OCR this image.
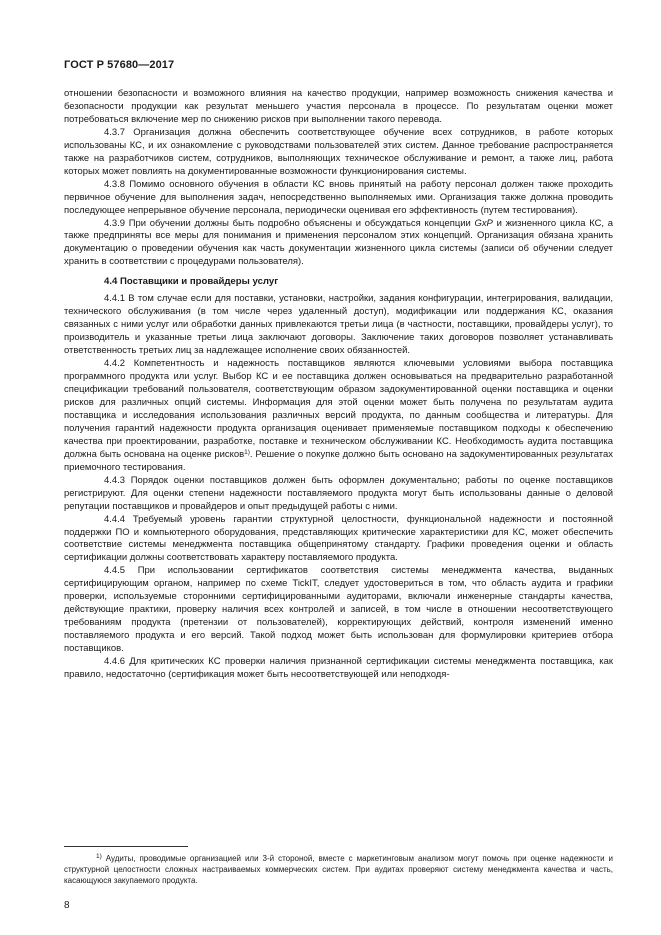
ГОСТ Р 57680—2017

отношении безопасности и возможного влияния на качество продукции, например возможность снижения качества и безопасности продукции как результат меньшего участия персонала в процессе. По результатам оценки может потребоваться включение мер по снижению рисков при выполнении такого перевода.

4.3.7 Организация должна обеспечить соответствующее обучение всех сотрудников, в работе которых использованы КС, и их ознакомление с руководствами пользователей этих систем. Данное требование распространяется также на разработчиков систем, сотрудников, выполняющих техническое обслуживание и ремонт, а также лиц, работа которых может повлиять на документированные возможности функционирования системы.

4.3.8 Помимо основного обучения в области КС вновь принятый на работу персонал должен также проходить первичное обучение для выполнения задач, непосредственно выполняемых ими. Организация также должна проводить последующее непрерывное обучение персонала, периодически оценивая его эффективность (путем тестирования).

4.3.9 При обучении должны быть подробно объяснены и обсуждаться концепции GxP и жизненного цикла КС, а также предприняты все меры для понимания и применения персоналом этих концепций. Организация обязана хранить документацию о проведении обучения как часть документации жизненного цикла системы (записи об обучении следует хранить в соответствии с процедурами пользователя).

4.4 Поставщики и провайдеры услуг

4.4.1 В том случае если для поставки, установки, настройки, задания конфигурации, интегрирования, валидации, технического обслуживания (в том числе через удаленный доступ), модификации или поддержания КС, оказания связанных с ними услуг или обработки данных привлекаются третьи лица (в частности, поставщики, провайдеры услуг), то производитель и указанные третьи лица заключают договоры. Заключение таких договоров позволяет устанавливать ответственность третьих лиц за надлежащее исполнение своих обязанностей.

4.4.2 Компетентность и надежность поставщиков являются ключевыми условиями выбора поставщика программного продукта или услуг. Выбор КС и ее поставщика должен основываться на предварительно разработанной спецификации требований пользователя, соответствующим образом задокументированной оценки поставщика и оценки рисков для различных опций системы. Информация для этой оценки может быть получена по результатам аудита поставщика и исследования использования различных версий продукта, по данным сообщества и литературы. Для получения гарантий надежности продукта организация оценивает применяемые поставщиком подходы к обеспечению качества при проектировании, разработке, поставке и техническом обслуживании КС. Необходимость аудита поставщика должна быть основана на оценке рисков$^{1)}$. Решение о покупке должно быть основано на задокументированных результатах приемочного тестирования.

4.4.3 Порядок оценки поставщиков должен быть оформлен документально; работы по оценке поставщиков регистрируют. Для оценки степени надежности поставляемого продукта могут быть использованы данные о деловой репутации поставщиков и провайдеров и опыт предыдущей работы с ними.

4.4.4 Требуемый уровень гарантии структурной целостности, функциональной надежности и постоянной поддержки ПО и компьютерного оборудования, представляющих критические характеристики для КС, может обеспечить соответствие системы менеджмента поставщика общепринятому стандарту. Графики проведения оценки и область сертификации должны соответствовать характеру поставляемого продукта.

4.4.5 При использовании сертификатов соответствия системы менеджмента качества, выданных сертифицирующим органом, например по схеме TickIT, следует удостовериться в том, что область аудита и графики проверки, используемые сторонними сертифицированными аудиторами, включали инженерные стандарты качества, действующие практики, проверку наличия всех контролей и записей, в том числе в отношении несоответствующего требованиям продукта (претензии от пользователей), корректирующих действий, контроля изменений именно поставляемого продукта и его версий. Такой подход может быть использован для формулировки критериев отбора поставщиков.

4.4.6 Для критических КС проверки наличия признанной сертификации системы менеджмента поставщика, как правило, недостаточно (сертификация может быть несоответствующей или неподходя-

$^{1)}$ Аудиты, проводимые организацией или 3-й стороной, вместе с маркетинговым анализом могут помочь при оценке надежности и структурной целостности сложных настраиваемых коммерческих систем. При аудитах проверяют систему менеджмента качества и часть, касающуюся закупаемого продукта.

8
